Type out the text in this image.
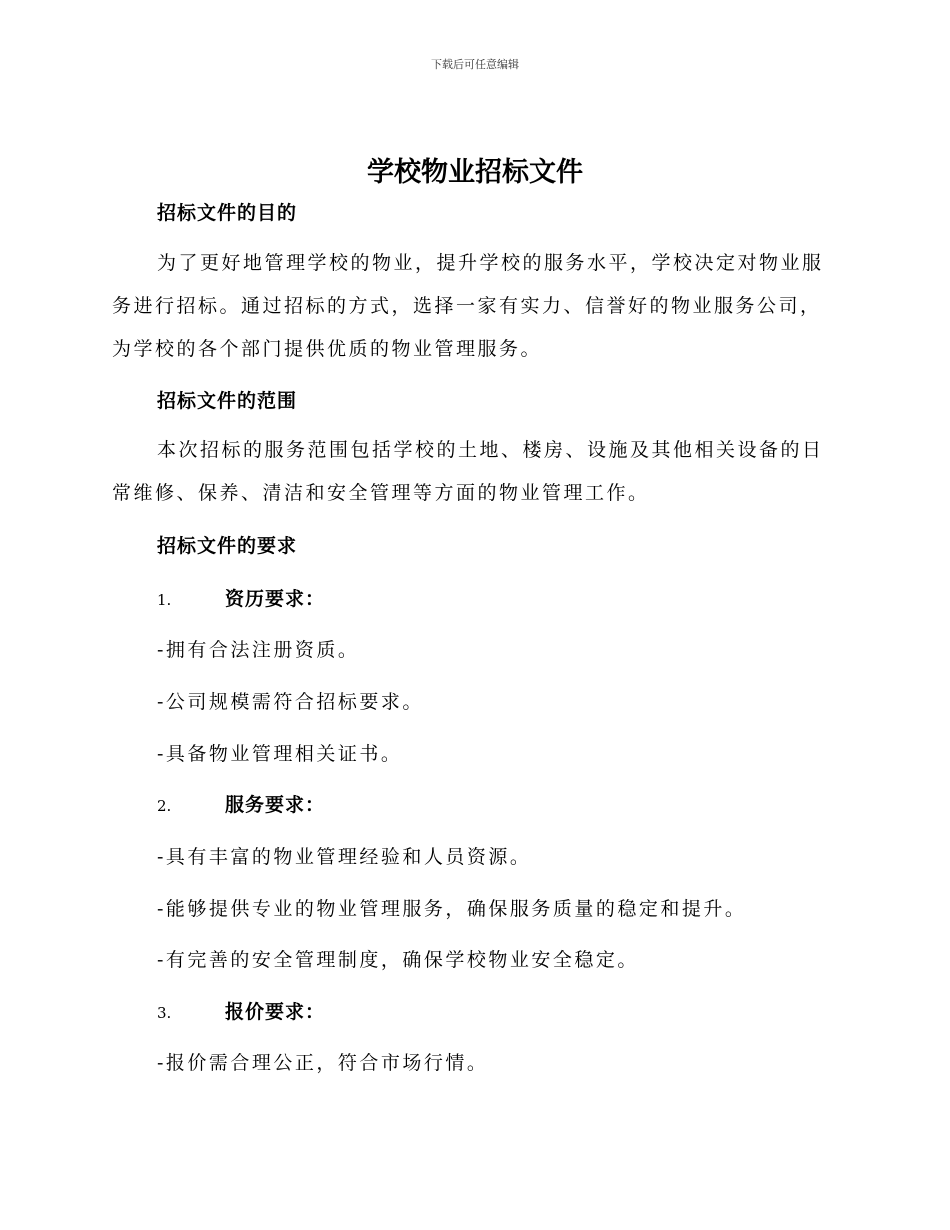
下载后可任意编辑
学校物业招标文件
招标文件的目的

为了更好地管理学校的物业，提升学校的服务水平，学校决定对物业服务进行招标。通过招标的方式，选择一家有实力、信誉好的物业服务公司，为学校的各个部门提供优质的物业管理服务。

招标文件的范围

本次招标的服务范围包括学校的土地、楼房、设施及其他相关设备的日常维修、保养、清洁和安全管理等方面的物业管理工作。

招标文件的要求
1.	资历要求：
-拥有合法注册资质。
-公司规模需符合招标要求。
-具备物业管理相关证书。
2.	服务要求：
-具有丰富的物业管理经验和人员资源。
-能够提供专业的物业管理服务，确保服务质量的稳定和提升。
-有完善的安全管理制度，确保学校物业安全稳定。
3.	报价要求：
-报价需合理公正，符合市场行情。
